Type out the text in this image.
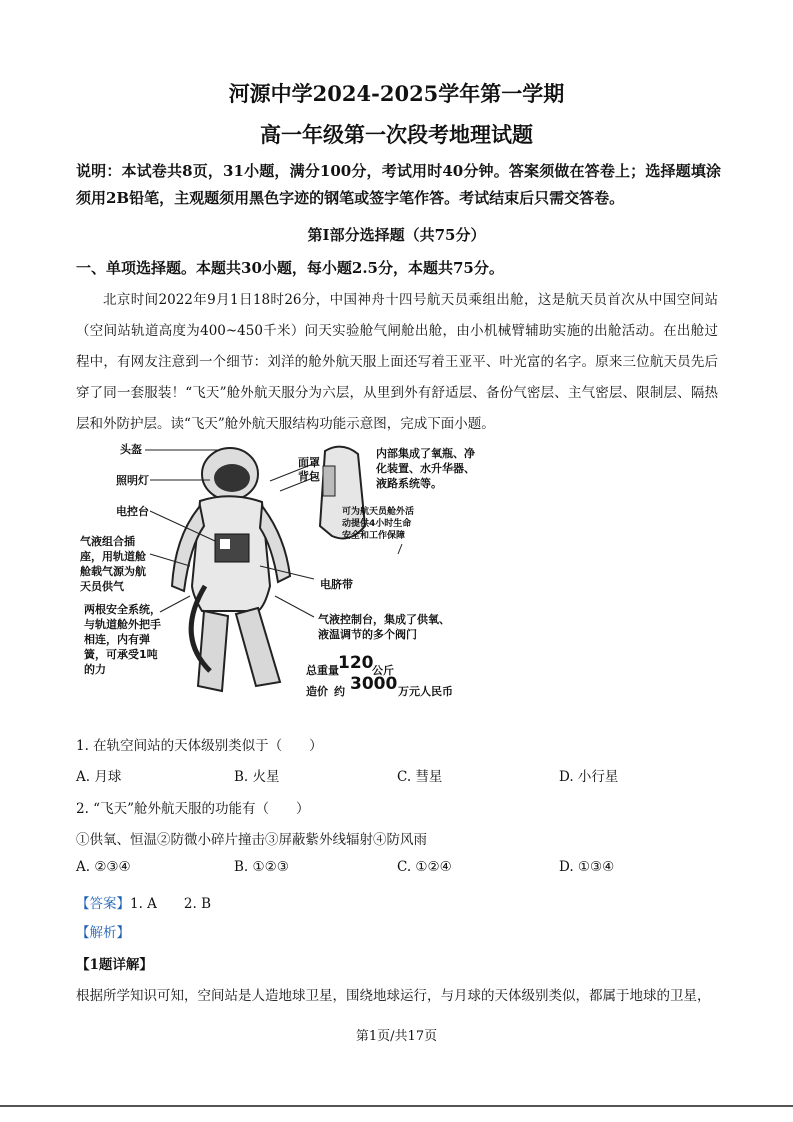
河源中学2024-2025学年第一学期
高一年级第一次段考地理试题
说明：本试卷共8页，31小题，满分100分，考试用时40分钟。答案须做在答卷上；选择题填涂须用2B铅笔，主观题须用黑色字迹的钢笔或签字笔作答。考试结束后只需交答卷。
第Ⅰ部分选择题（共75分）
一、单项选择题。本题共30小题，每小题2.5分，本题共75分。
北京时间2022年9月1日18时26分，中国神舟十四号航天员乘组出舱，这是航天员首次从中国空间站（空间站轨道高度为400~450千米）问天实验舱气闸舱出舱，由小机械臂辅助实施的出舱活动。在出舱过程中，有网友注意到一个细节：刘洋的舱外航天服上面还写着王亚平、叶光富的名字。原来三位航天员先后穿了同一套服装！“飞天”舱外航天服分为六层，从里到外有舒适层、备份气密层、主气密层、限制层、隔热层和外防护层。读“飞天”舱外航天服结构功能示意图，完成下面小题。
头盔
照明灯
电控台
气液组合插座，用轨道舱舱载气源为航天员供气
两根安全系统，与轨道舱外把手相连，内有弹簧，可承受1吨的力
面罩
背包
内部集成了氧瓶、净化装置、水升华器、液路系统等。
可为航天员舱外活动提供4小时生命安全和工作保障
电脐带
气液控制台，集成了供氧、液温调节的多个阀门
总重量 120
公斤
造价 约 3000 万元人民币
1. 在轨空间站的天体级别类似于（　　）
A. 月球	B. 火星	C. 彗星	D. 小行星
2. “飞天”舱外航天服的功能有（　　）
①供氧、恒温②防微小碎片撞击③屏蔽紫外线辐射④防风雨
A. ②③④	B. ①②③	C. ①②④	D. ①③④
【答案】1. A　　2. B
【解析】
【1题详解】
根据所学知识可知，空间站是人造地球卫星，围绕地球运行，与月球的天体级别类似，都属于地球的卫星，
第1页/共17页
